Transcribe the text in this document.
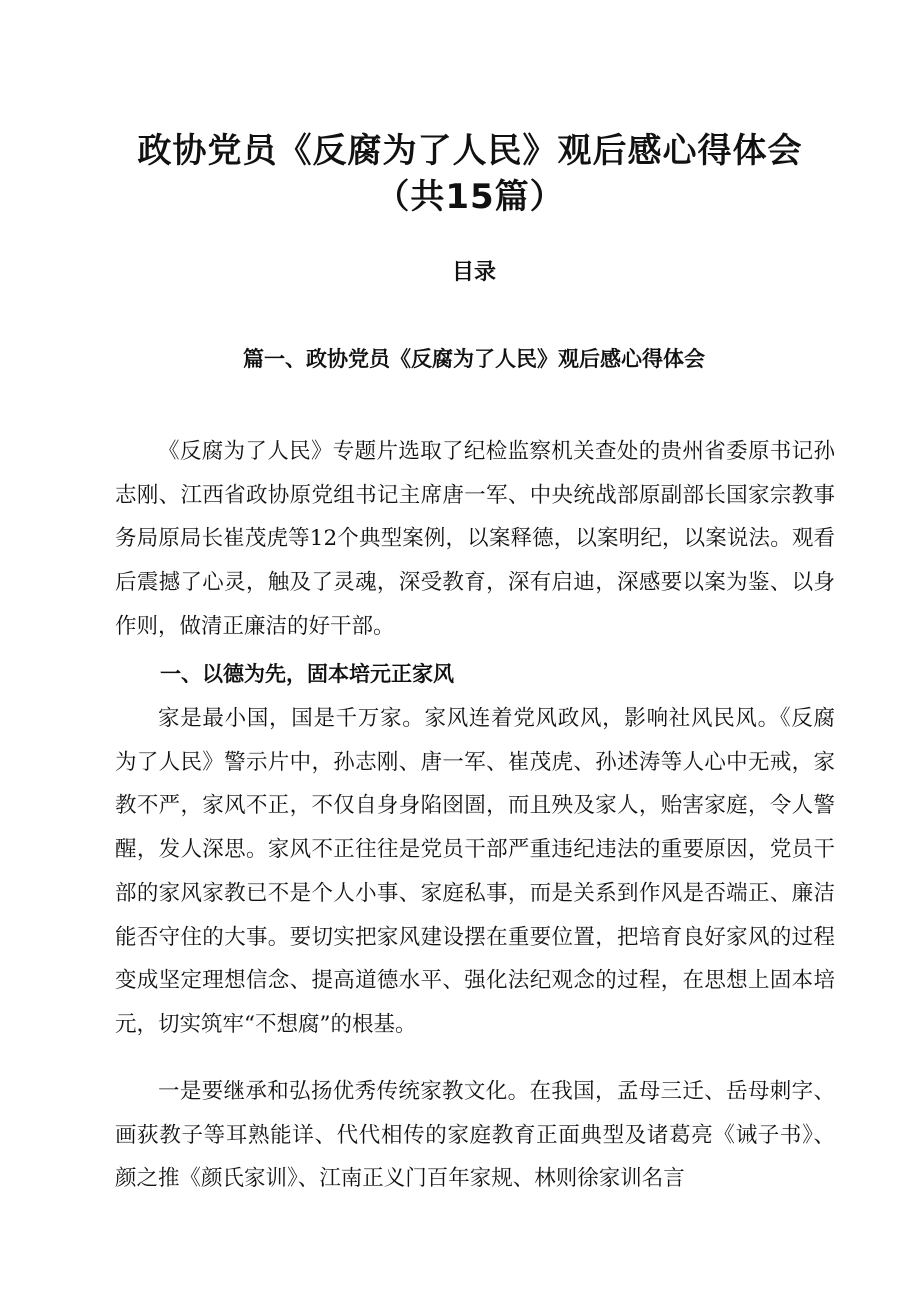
政协党员《反腐为了人民》观后感心得体会（共15篇）
目录
篇一、政协党员《反腐为了人民》观后感心得体会

《反腐为了人民》专题片选取了纪检监察机关查处的贵州省委原书记孙志刚、江西省政协原党组书记主席唐一军、中央统战部原副部长国家宗教事务局原局长崔茂虎等12个典型案例，以案释德，以案明纪，以案说法。观看后震撼了心灵，触及了灵魂，深受教育，深有启迪，深感要以案为鉴、以身作则，做清正廉洁的好干部。

一、以德为先，固本培元正家风

家是最小国，国是千万家。家风连着党风政风，影响社风民风。《反腐为了人民》警示片中，孙志刚、唐一军、崔茂虎、孙述涛等人心中无戒，家教不严，家风不正，不仅自身身陷囹圄，而且殃及家人，贻害家庭，令人警醒，发人深思。家风不正往往是党员干部严重违纪违法的重要原因，党员干部的家风家教已不是个人小事、家庭私事，而是关系到作风是否端正、廉洁能否守住的大事。要切实把家风建设摆在重要位置，把培育良好家风的过程变成坚定理想信念、提高道德水平、强化法纪观念的过程，在思想上固本培元，切实筑牢“不想腐”的根基。

一是要继承和弘扬优秀传统家教文化。在我国，孟母三迁、岳母刺字、画荻教子等耳熟能详、代代相传的家庭教育正面典型及诸葛亮《诫子书》、颜之推《颜氏家训》、江南正义门百年家规、林则徐家训名言
